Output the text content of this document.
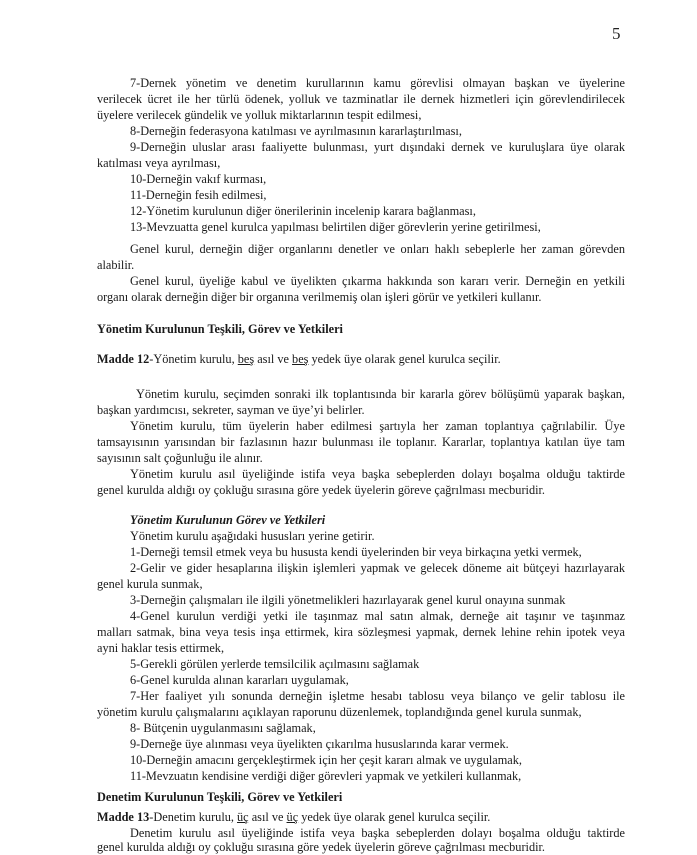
5
7-Dernek yönetim ve denetim kurullarının kamu görevlisi olmayan başkan ve üyelerine
verilecek ücret ile her türlü ödenek, yolluk ve tazminatlar ile dernek hizmetleri için görevlendirilecek
üyelere verilecek gündelik ve yolluk miktarlarının tespit edilmesi,
8-Derneğin federasyona katılması ve ayrılmasının kararlaştırılması,
9-Derneğin uluslar arası faaliyette bulunması, yurt dışındaki dernek ve kuruluşlara üye olarak
katılması veya ayrılması,
10-Derneğin vakıf kurması,
11-Derneğin fesih edilmesi,
12-Yönetim kurulunun diğer önerilerinin incelenip karara bağlanması,
13-Mevzuatta genel kurulca yapılması belirtilen diğer görevlerin yerine getirilmesi,
Genel kurul, derneğin diğer organlarını denetler ve onları haklı sebeplerle her zaman görevden
alabilir.
Genel kurul, üyeliğe kabul ve üyelikten çıkarma hakkında son kararı verir. Derneğin en yetkili
organı olarak derneğin diğer bir organına verilmemiş olan işleri görür ve yetkileri kullanır.
Yönetim Kurulunun Teşkili, Görev ve Yetkileri
Madde 12-Yönetim kurulu, beş asıl ve beş yedek üye olarak genel kurulca seçilir.
Yönetim kurulu, seçimden sonraki ilk toplantısında bir kararla görev bölüşümü yaparak başkan,
başkan yardımcısı, sekreter, sayman ve üye’yi belirler.
Yönetim kurulu, tüm üyelerin haber edilmesi şartıyla her zaman toplantıya çağrılabilir. Üye
tamsayısının yarısından bir fazlasının hazır bulunması ile toplanır. Kararlar, toplantıya katılan üye tam
sayısının salt çoğunluğu ile alınır.
Yönetim kurulu asıl üyeliğinde istifa veya başka sebeplerden dolayı boşalma olduğu taktirde
genel kurulda aldığı oy çokluğu sırasına göre yedek üyelerin göreve çağrılması mecburidir.
Yönetim Kurulunun Görev ve Yetkileri
Yönetim kurulu aşağıdaki hususları yerine getirir.
1-Derneği temsil etmek veya bu hususta kendi üyelerinden bir veya birkaçına yetki vermek,
2-Gelir ve gider hesaplarına ilişkin işlemleri yapmak ve gelecek döneme ait bütçeyi hazırlayarak
genel kurula sunmak,
3-Derneğin çalışmaları ile ilgili yönetmelikleri hazırlayarak genel kurul onayına sunmak
4-Genel kurulun verdiği yetki ile taşınmaz mal satın almak, derneğe ait taşınır ve taşınmaz
malları satmak, bina veya tesis inşa ettirmek, kira sözleşmesi yapmak, dernek lehine rehin ipotek veya
ayni haklar tesis ettirmek,
5-Gerekli görülen yerlerde temsilcilik açılmasını sağlamak
6-Genel kurulda alınan kararları uygulamak,
7-Her faaliyet yılı sonunda derneğin işletme hesabı tablosu veya bilanço ve gelir tablosu ile
yönetim kurulu çalışmalarını açıklayan raporunu düzenlemek, toplandığında genel kurula sunmak,
8- Bütçenin uygulanmasını sağlamak,
9-Derneğe üye alınması veya üyelikten çıkarılma hususlarında karar vermek.
10-Derneğin amacını gerçekleştirmek için her çeşit kararı almak ve uygulamak,
11-Mevzuatın kendisine verdiği diğer görevleri yapmak ve yetkileri kullanmak,
Denetim Kurulunun Teşkili, Görev ve Yetkileri
Madde 13-Denetim kurulu, üç asıl ve üç yedek üye olarak genel kurulca seçilir.
Denetim kurulu asıl üyeliğinde istifa veya başka sebeplerden dolayı boşalma olduğu taktirde
genel kurulda aldığı oy çokluğu sırasına göre yedek üyelerin göreve çağrılması mecburidir.
